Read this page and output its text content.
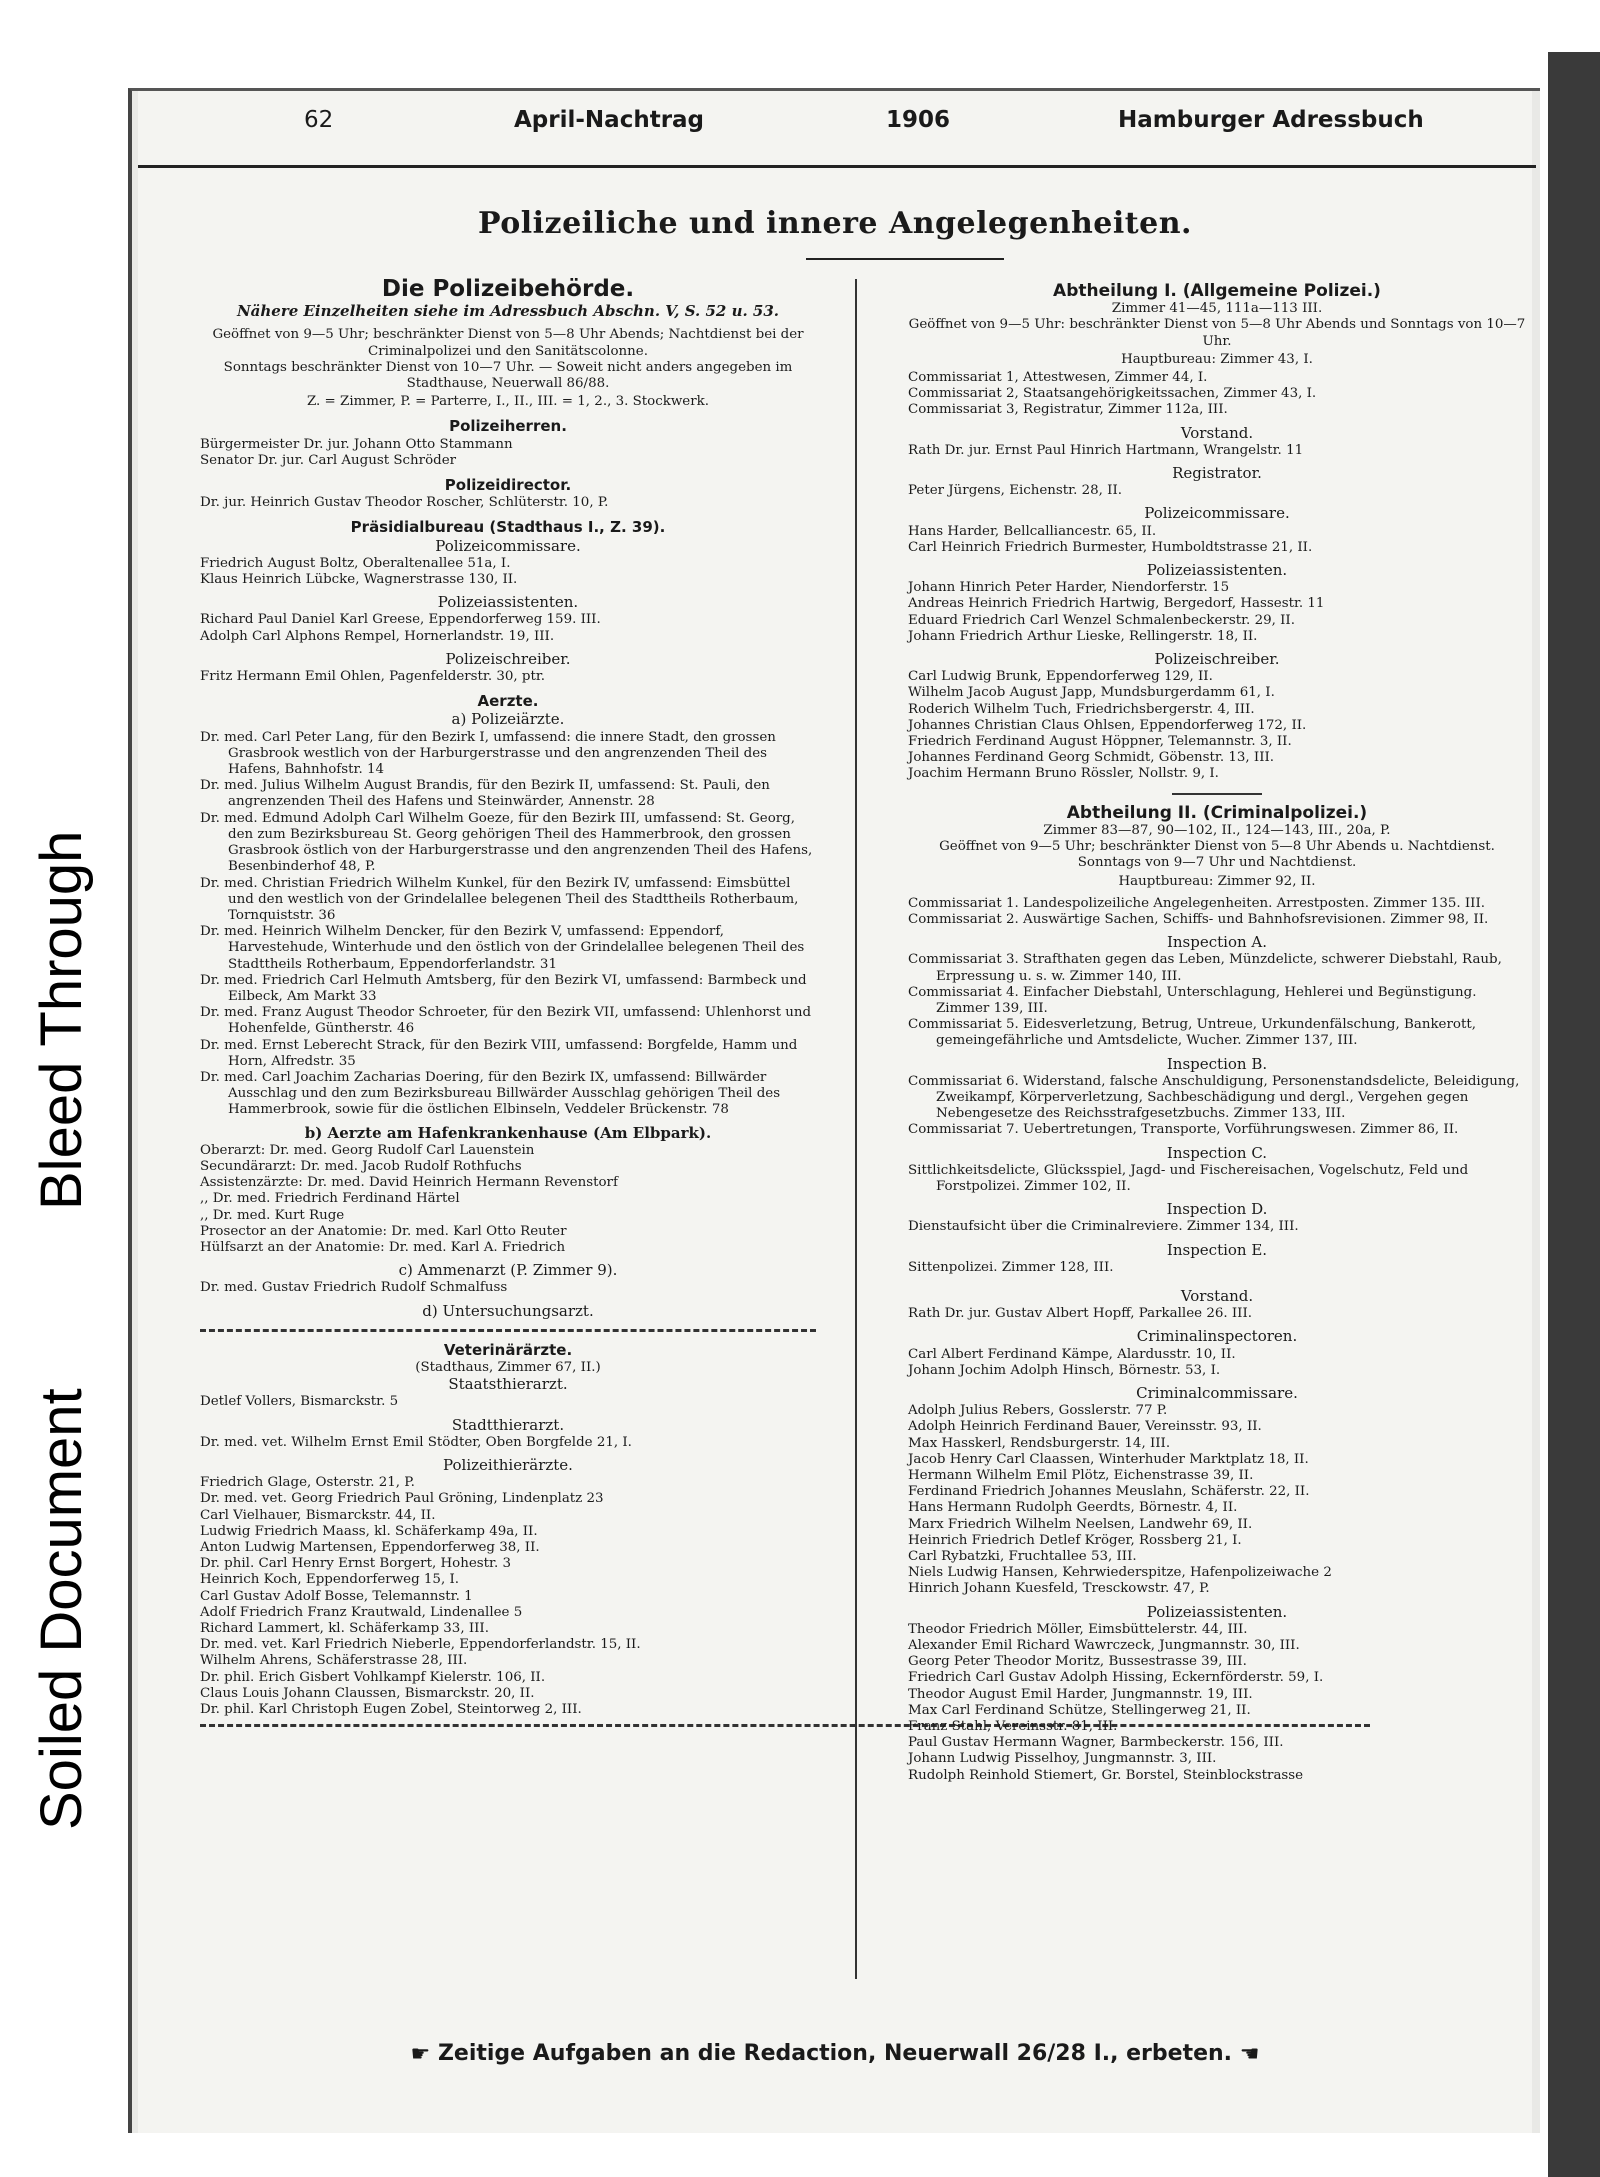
Soiled Document
Bleed Through
62	April-Nachtrag	1906	Hamburger Adressbuch
Polizeiliche und innere Angelegenheiten.
Die Polizeibehörde.
Nähere Einzelheiten siehe im Adressbuch Abschn. V, S. 52 u. 53.

Geöffnet von 9—5 Uhr; beschränkter Dienst von 5—8 Uhr Abends; Nachtdienst bei der Criminalpolizei und den Sanitätscolonne.

Sonntags beschränkter Dienst von 10—7 Uhr. — Soweit nicht anders angegeben im Stadthause, Neuerwall 86/88.

Z. = Zimmer, P. = Parterre, I., II., III. = 1, 2., 3. Stockwerk.

Polizeiherren.

Bürgermeister Dr. jur. Johann Otto Stammann

Senator Dr. jur. Carl August Schröder

Polizeidirector.

Dr. jur. Heinrich Gustav Theodor Roscher, Schlüterstr. 10, P.

Präsidialbureau (Stadthaus I., Z. 39).
Polizeicommissare.

Friedrich August Boltz, Oberaltenallee 51a, I.

Klaus Heinrich Lübcke, Wagnerstrasse 130, II.

Polizeiassistenten.

Richard Paul Daniel Karl Greese, Eppendorferweg 159. III.

Adolph Carl Alphons Rempel, Hornerlandstr. 19, III.

Polizeischreiber.

Fritz Hermann Emil Ohlen, Pagenfelderstr. 30, ptr.

Aerzte.
a) Polizeiärzte.

Dr. med. Carl Peter Lang, für den Bezirk I, umfassend: die innere Stadt, den grossen Grasbrook westlich von der Harburgerstrasse und den angrenzenden Theil des Hafens, Bahnhofstr. 14

Dr. med. Julius Wilhelm August Brandis, für den Bezirk II, umfassend: St. Pauli, den angrenzenden Theil des Hafens und Steinwärder, Annenstr. 28

Dr. med. Edmund Adolph Carl Wilhelm Goeze, für den Bezirk III, umfassend: St. Georg, den zum Bezirksbureau St. Georg gehörigen Theil des Hammerbrook, den grossen Grasbrook östlich von der Harburgerstrasse und den angrenzenden Theil des Hafens, Besenbinderhof 48, P.

Dr. med. Christian Friedrich Wilhelm Kunkel, für den Bezirk IV, umfassend: Eimsbüttel und den westlich von der Grindelallee belegenen Theil des Stadttheils Rotherbaum, Tornquiststr. 36

Dr. med. Heinrich Wilhelm Dencker, für den Bezirk V, umfassend: Eppendorf, Harvestehude, Winterhude und den östlich von der Grindelallee belegenen Theil des Stadttheils Rotherbaum, Eppendorferlandstr. 31

Dr. med. Friedrich Carl Helmuth Amtsberg, für den Bezirk VI, umfassend: Barmbeck und Eilbeck, Am Markt 33

Dr. med. Franz August Theodor Schroeter, für den Bezirk VII, umfassend: Uhlenhorst und Hohenfelde, Güntherstr. 46

Dr. med. Ernst Leberecht Strack, für den Bezirk VIII, umfassend: Borgfelde, Hamm und Horn, Alfredstr. 35

Dr. med. Carl Joachim Zacharias Doering, für den Bezirk IX, umfassend: Billwärder Ausschlag und den zum Bezirksbureau Billwärder Ausschlag gehörigen Theil des Hammerbrook, sowie für die östlichen Elbinseln, Veddeler Brückenstr. 78

b) Aerzte am Hafenkrankenhause (Am Elbpark).

Oberarzt: Dr. med. Georg Rudolf Carl Lauenstein

Secundärarzt: Dr. med. Jacob Rudolf Rothfuchs

Assistenzärzte: Dr. med. David Heinrich Hermann Revenstorf

,, Dr. med. Friedrich Ferdinand Härtel

,, Dr. med. Kurt Ruge

Prosector an der Anatomie: Dr. med. Karl Otto Reuter

Hülfsarzt an der Anatomie: Dr. med. Karl A. Friedrich

c) Ammenarzt (P. Zimmer 9).

Dr. med. Gustav Friedrich Rudolf Schmalfuss

d) Untersuchungsarzt.
Veterinärärzte.

(Stadthaus, Zimmer 67, II.)

Staatsthierarzt.

Detlef Vollers, Bismarckstr. 5

Stadtthierarzt.

Dr. med. vet. Wilhelm Ernst Emil Stödter, Oben Borgfelde 21, I.

Polizeithierärzte.

Friedrich Glage, Osterstr. 21, P.

Dr. med. vet. Georg Friedrich Paul Gröning, Lindenplatz 23

Carl Vielhauer, Bismarckstr. 44, II.

Ludwig Friedrich Maass, kl. Schäferkamp 49a, II.

Anton Ludwig Martensen, Eppendorferweg 38, II.

Dr. phil. Carl Henry Ernst Borgert, Hohestr. 3

Heinrich Koch, Eppendorferweg 15, I.

Carl Gustav Adolf Bosse, Telemannstr. 1

Adolf Friedrich Franz Krautwald, Lindenallee 5

Richard Lammert, kl. Schäferkamp 33, III.

Dr. med. vet. Karl Friedrich Nieberle, Eppendorferlandstr. 15, II.

Wilhelm Ahrens, Schäferstrasse 28, III.

Dr. phil. Erich Gisbert Vohlkampf Kielerstr. 106, II.

Claus Louis Johann Claussen, Bismarckstr. 20, II.

Dr. phil. Karl Christoph Eugen Zobel, Steintorweg 2, III.

Abtheilung I. (Allgemeine Polizei.)

Zimmer 41—45, 111a—113 III.

Geöffnet von 9—5 Uhr: beschränkter Dienst von 5—8 Uhr Abends und Sonntags von 10—7 Uhr.

Hauptbureau: Zimmer 43, I.

Commissariat 1, Attestwesen, Zimmer 44, I.

Commissariat 2, Staatsangehörigkeitssachen, Zimmer 43, I.

Commissariat 3, Registratur, Zimmer 112a, III.

Vorstand.

Rath Dr. jur. Ernst Paul Hinrich Hartmann, Wrangelstr. 11

Registrator.

Peter Jürgens, Eichenstr. 28, II.

Polizeicommissare.

Hans Harder, Bellcalliancestr. 65, II.

Carl Heinrich Friedrich Burmester, Humboldtstrasse 21, II.

Polizeiassistenten.

Johann Hinrich Peter Harder, Niendorferstr. 15

Andreas Heinrich Friedrich Hartwig, Bergedorf, Hassestr. 11

Eduard Friedrich Carl Wenzel Schmalenbeckerstr. 29, II.

Johann Friedrich Arthur Lieske, Rellingerstr. 18, II.

Polizeischreiber.

Carl Ludwig Brunk, Eppendorferweg 129, II.

Wilhelm Jacob August Japp, Mundsburgerdamm 61, I.

Roderich Wilhelm Tuch, Friedrichsbergerstr. 4, III.

Johannes Christian Claus Ohlsen, Eppendorferweg 172, II.

Friedrich Ferdinand August Höppner, Telemannstr. 3, II.

Johannes Ferdinand Georg Schmidt, Göbenstr. 13, III.

Joachim Hermann Bruno Rössler, Nollstr. 9, I.

Abtheilung II. (Criminalpolizei.)

Zimmer 83—87, 90—102, II., 124—143, III., 20a, P.

Geöffnet von 9—5 Uhr; beschränkter Dienst von 5—8 Uhr Abends u. Nachtdienst. Sonntags von 9—7 Uhr und Nachtdienst.

Hauptbureau: Zimmer 92, II.

Commissariat 1. Landespolizeiliche Angelegenheiten. Arrestposten. Zimmer 135. III.

Commissariat 2. Auswärtige Sachen, Schiffs- und Bahnhofsrevisionen. Zimmer 98, II.

Inspection A.

Commissariat 3. Strafthaten gegen das Leben, Münzdelicte, schwerer Diebstahl, Raub, Erpressung u. s. w. Zimmer 140, III.

Commissariat 4. Einfacher Diebstahl, Unterschlagung, Hehlerei und Begünstigung. Zimmer 139, III.

Commissariat 5. Eidesverletzung, Betrug, Untreue, Urkundenfälschung, Bankerott, gemeingefährliche und Amtsdelicte, Wucher. Zimmer 137, III.

Inspection B.

Commissariat 6. Widerstand, falsche Anschuldigung, Personenstandsdelicte, Beleidigung, Zweikampf, Körperverletzung, Sachbeschädigung und dergl., Vergehen gegen Nebengesetze des Reichsstrafgesetzbuchs. Zimmer 133, III.

Commissariat 7. Uebertretungen, Transporte, Vorführungswesen. Zimmer 86, II.

Inspection C.

Sittlichkeitsdelicte, Glücksspiel, Jagd- und Fischereisachen, Vogelschutz, Feld und Forstpolizei. Zimmer 102, II.

Inspection D.

Dienstaufsicht über die Criminalreviere. Zimmer 134, III.

Inspection E.

Sittenpolizei. Zimmer 128, III.

Vorstand.

Rath Dr. jur. Gustav Albert Hopff, Parkallee 26. III.

Criminalinspectoren.

Carl Albert Ferdinand Kämpe, Alardusstr. 10, II.

Johann Jochim Adolph Hinsch, Börnestr. 53, I.

Criminalcommissare.

Adolph Julius Rebers, Gosslerstr. 77 P.

Adolph Heinrich Ferdinand Bauer, Vereinsstr. 93, II.

Max Hasskerl, Rendsburgerstr. 14, III.

Jacob Henry Carl Claassen, Winterhuder Marktplatz 18, II.

Hermann Wilhelm Emil Plötz, Eichenstrasse 39, II.

Ferdinand Friedrich Johannes Meuslahn, Schäferstr. 22, II.

Hans Hermann Rudolph Geerdts, Börnestr. 4, II.

Marx Friedrich Wilhelm Neelsen, Landwehr 69, II.

Heinrich Friedrich Detlef Kröger, Rossberg 21, I.

Carl Rybatzki, Fruchtallee 53, III.

Niels Ludwig Hansen, Kehrwiederspitze, Hafenpolizeiwache 2

Hinrich Johann Kuesfeld, Tresckowstr. 47, P.

Polizeiassistenten.

Theodor Friedrich Möller, Eimsbüttelerstr. 44, III.

Alexander Emil Richard Wawrczeck, Jungmannstr. 30, III.

Georg Peter Theodor Moritz, Bussestrasse 39, III.

Friedrich Carl Gustav Adolph Hissing, Eckernförderstr. 59, I.

Theodor August Emil Harder, Jungmannstr. 19, III.

Max Carl Ferdinand Schütze, Stellingerweg 21, II.

Franz Stahl, Vereinsstr. 81, III.

Paul Gustav Hermann Wagner, Barmbeckerstr. 156, III.

Johann Ludwig Pisselhoy, Jungmannstr. 3, III.

Rudolph Reinhold Stiemert, Gr. Borstel, Steinblockstrasse

☛ Zeitige Aufgaben an die Redaction, Neuerwall 26/28 I., erbeten. ☚
